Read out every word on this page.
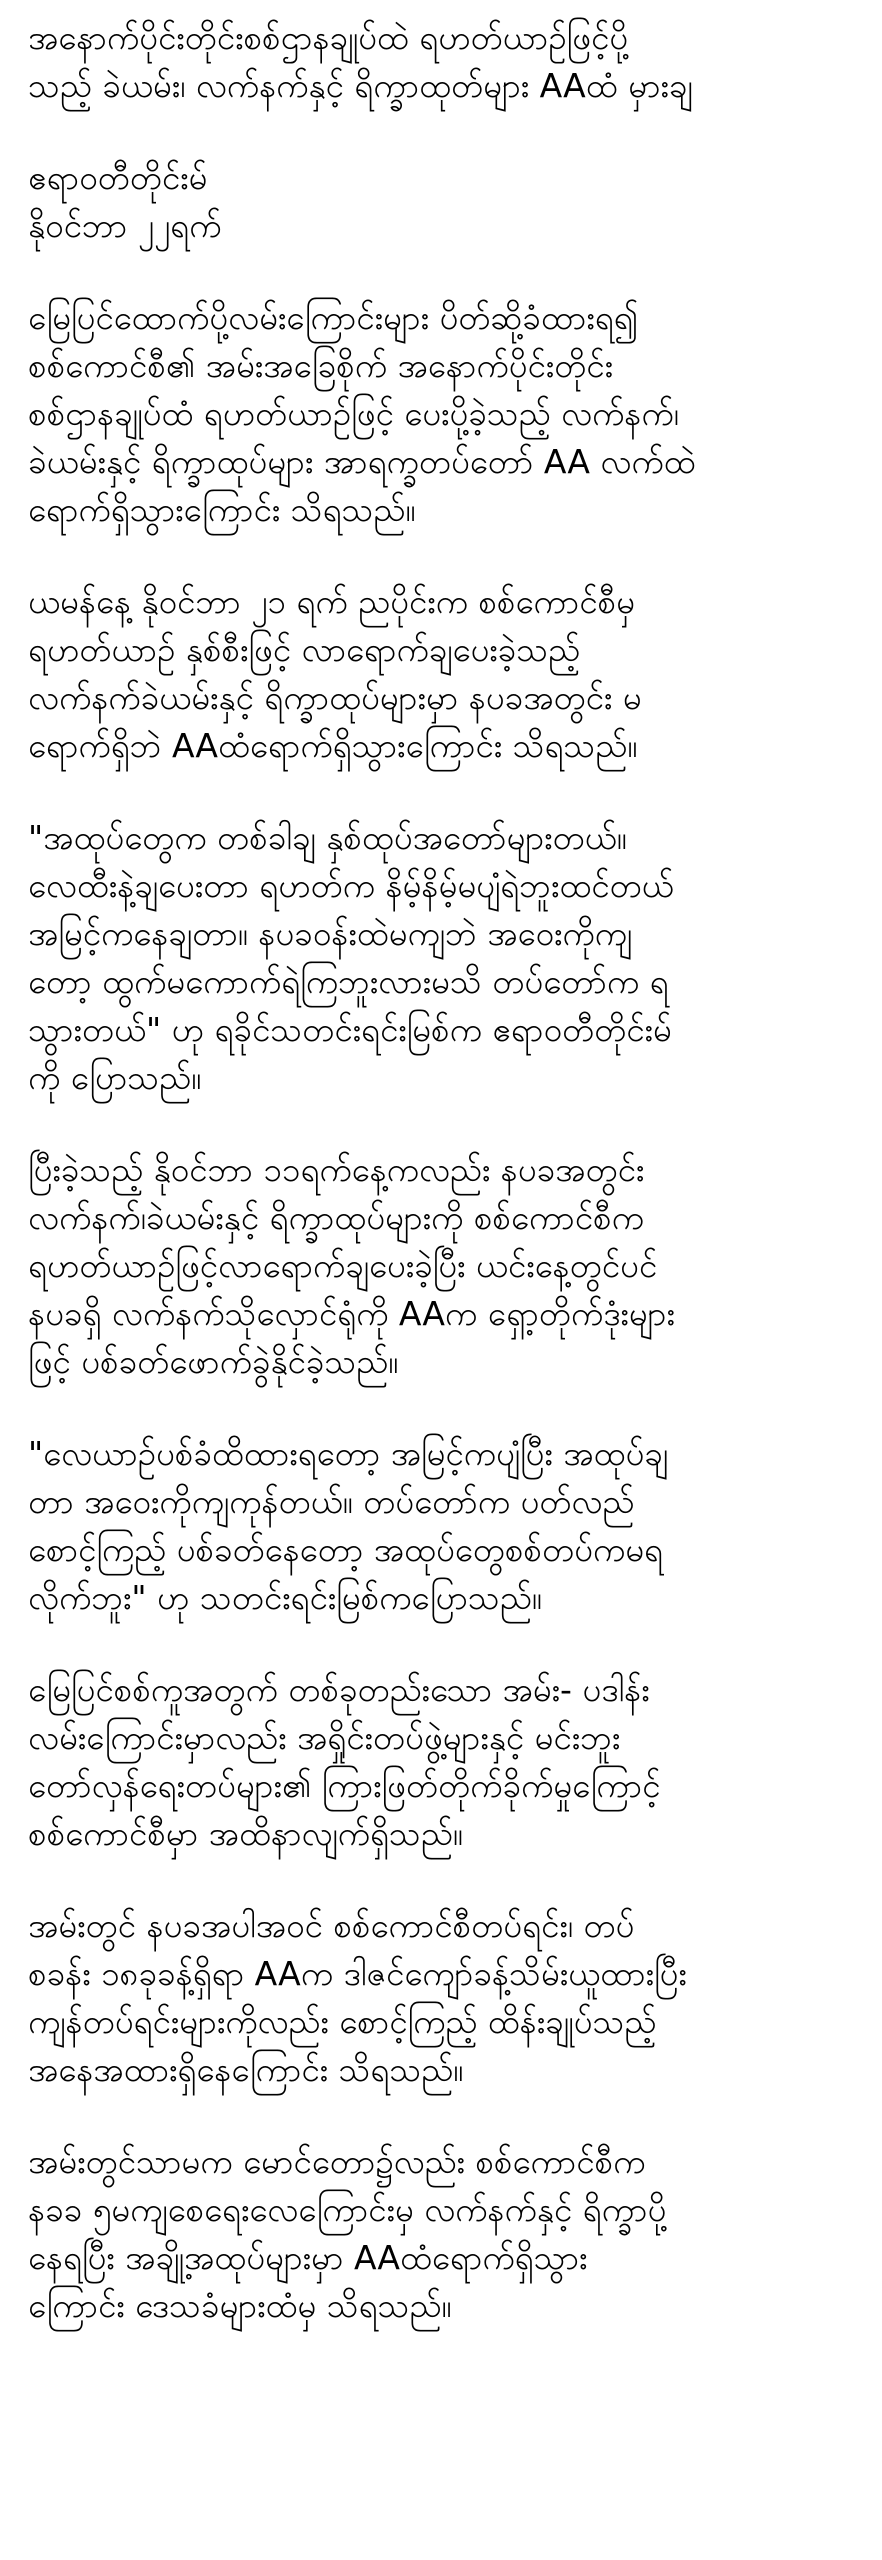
အနောက်ပိုင်းတိုင်းစစ်ဌာနချုပ်ထဲ ရဟတ်ယာဉ်ဖြင့်ပို့
သည့် ခဲယမ်း၊ လက်နက်နှင့် ရိက္ခာထုတ်များ AAထံ မှားချ

ဧရာဝတီတိုင်းမ်
နိုဝင်ဘာ ၂၂ရက်

မြေပြင်ထောက်ပို့လမ်းကြောင်းများ ပိတ်ဆို့ခံထားရ၍
စစ်ကောင်စီ၏ အမ်းအခြေစိုက် အနောက်ပိုင်းတိုင်း
စစ်ဌာနချုပ်ထံ ရဟတ်ယာဉ်ဖြင့် ပေးပို့ခဲ့သည့် လက်နက်၊
ခဲယမ်းနှင့် ရိက္ခာထုပ်များ အာရက္ခတပ်တော် AA လက်ထဲ
ရောက်ရှိသွားကြောင်း သိရသည်။

ယမန်နေ့ နိုဝင်ဘာ ၂၁ ရက် ညပိုင်းက စစ်ကောင်စီမှ
ရဟတ်ယာဉ် နှစ်စီးဖြင့် လာရောက်ချပေးခဲ့သည့်
လက်နက်ခဲယမ်းနှင့် ရိက္ခာထုပ်များမှာ နပခအတွင်း မ
ရောက်ရှိဘဲ AAထံရောက်ရှိသွားကြောင်း သိရသည်။

"အထုပ်တွေက တစ်ခါချ နှစ်ထုပ်အတော်များတယ်။
လေထီးနဲ့ချပေးတာ ရဟတ်က နိမ့်နိမ့်မပျံရဲဘူးထင်တယ်
အမြင့်ကနေချတာ။ နပခဝန်းထဲမကျဘဲ အဝေးကိုကျ
တော့ ထွက်မကောက်ရဲကြဘူးလားမသိ တပ်တော်က ရ
သွားတယ်" ဟု ရခိုင်သတင်းရင်းမြစ်က ဧရာဝတီတိုင်းမ်
ကို ပြောသည်။

ပြီးခဲ့သည့် နိုဝင်ဘာ ၁၁ရက်နေ့ကလည်း နပခအတွင်း
လက်နက်၊ခဲယမ်းနှင့် ရိက္ခာထုပ်များကို စစ်ကောင်စီက
ရဟတ်ယာဉ်ဖြင့်လာရောက်ချပေးခဲ့ပြီး ယင်းနေ့တွင်ပင်
နပခရှိ လက်နက်သိုလှောင်ရုံကို AAက ရှော့တိုက်ဒုံးများ
ဖြင့် ပစ်ခတ်ဖောက်ခွဲနိုင်ခဲ့သည်။

"လေယာဉ်ပစ်ခံထိထားရတော့ အမြင့်ကပျံပြီး အထုပ်ချ
တာ အဝေးကိုကျကုန်တယ်။ တပ်တော်က ပတ်လည်
စောင့်ကြည့် ပစ်ခတ်နေတော့ အထုပ်တွေစစ်တပ်ကမရ
လိုက်ဘူး" ဟု သတင်းရင်းမြစ်ကပြောသည်။

မြေပြင်စစ်ကူအတွက် တစ်ခုတည်းသော အမ်း- ပဒါန်း
လမ်းကြောင်းမှာလည်း အရှိုင်းတပ်ဖွဲ့များနှင့် မင်းဘူး
တော်လှန်ရေးတပ်များ၏ ကြားဖြတ်တိုက်ခိုက်မှုကြောင့်
စစ်ကောင်စီမှာ အထိနာလျက်ရှိသည်။

အမ်းတွင် နပခအပါအဝင် စစ်ကောင်စီတပ်ရင်း၊ တပ်
စခန်း ၁၈ခုခန့်ရှိရာ AAက ဒါဇင်ကျော်ခန့်သိမ်းယူထားပြီး
ကျန်တပ်ရင်းများကိုလည်း စောင့်ကြည့် ထိန်းချုပ်သည့်
အနေအထားရှိနေကြောင်း သိရသည်။

အမ်းတွင်သာမက မောင်တော၌လည်း စစ်ကောင်စီက
နခခ ၅မကျစေရေးလေကြောင်းမှ လက်နက်နှင့် ရိက္ခာပို့
နေရပြီး အချို့အထုပ်များမှာ AAထံရောက်ရှိသွား
ကြောင်း ဒေသခံများထံမှ သိရသည်။
